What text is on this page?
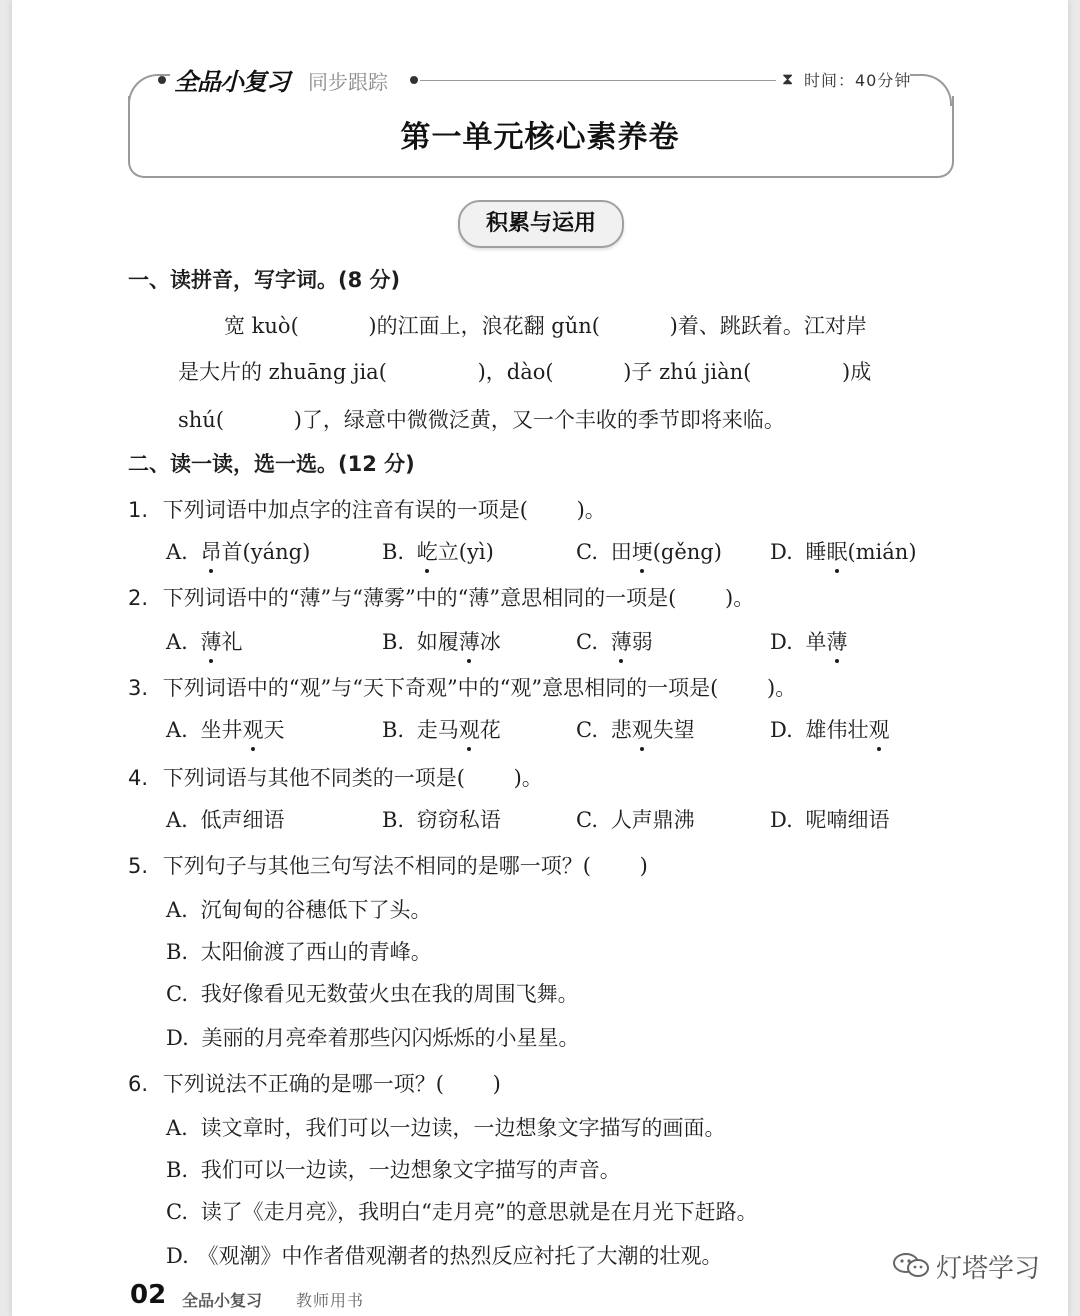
全品小复习 同步跟踪	⧗ 时间：40分钟
第一单元核心素养卷
积累与运用
一、读拼音，写字词。(8 分)
宽 kuò(　　　 )的江面上，浪花翻 gǔn(　　　 )着、跳跃着。江对岸
是大片的 zhuāng jia(　　　　 )，dào(　　　 )子 zhú jiàn(　　　　 )成
shú(　　　 )了，绿意中微微泛黄，又一个丰收的季节即将来临。
二、读一读，选一选。(12 分)
1. 下列词语中加点字的注音有误的一项是(　　 )。
A. 昂首(yáng)	B. 屹立(yì)	C. 田埂(gěng) D. 睡眠(mián)
2. 下列词语中的“薄”与“薄雾”中的“薄”意思相同的一项是(　　 )。
A. 薄礼	B. 如履薄冰	C. 薄弱	D. 单薄
3. 下列词语中的“观”与“天下奇观”中的“观”意思相同的一项是(　　 )。
A. 坐井观天	B. 走马观花	C. 悲观失望	D. 雄伟壮观
4. 下列词语与其他不同类的一项是(　　 )。
A. 低声细语	B. 窃窃私语	C. 人声鼎沸	D. 呢喃细语
5. 下列句子与其他三句写法不相同的是哪一项？(　　 )
A. 沉甸甸的谷穗低下了头。
B. 太阳偷渡了西山的青峰。
C. 我好像看见无数萤火虫在我的周围飞舞。
D. 美丽的月亮牵着那些闪闪烁烁的小星星。
6. 下列说法不正确的是哪一项？(　　 )
A. 读文章时，我们可以一边读，一边想象文字描写的画面。
B. 我们可以一边读，一边想象文字描写的声音。
C. 读了《走月亮》，我明白“走月亮”的意思就是在月光下赶路。
D. 《观潮》中作者借观潮者的热烈反应衬托了大潮的壮观。
02 全品小复习 教师用书
灯塔学习
